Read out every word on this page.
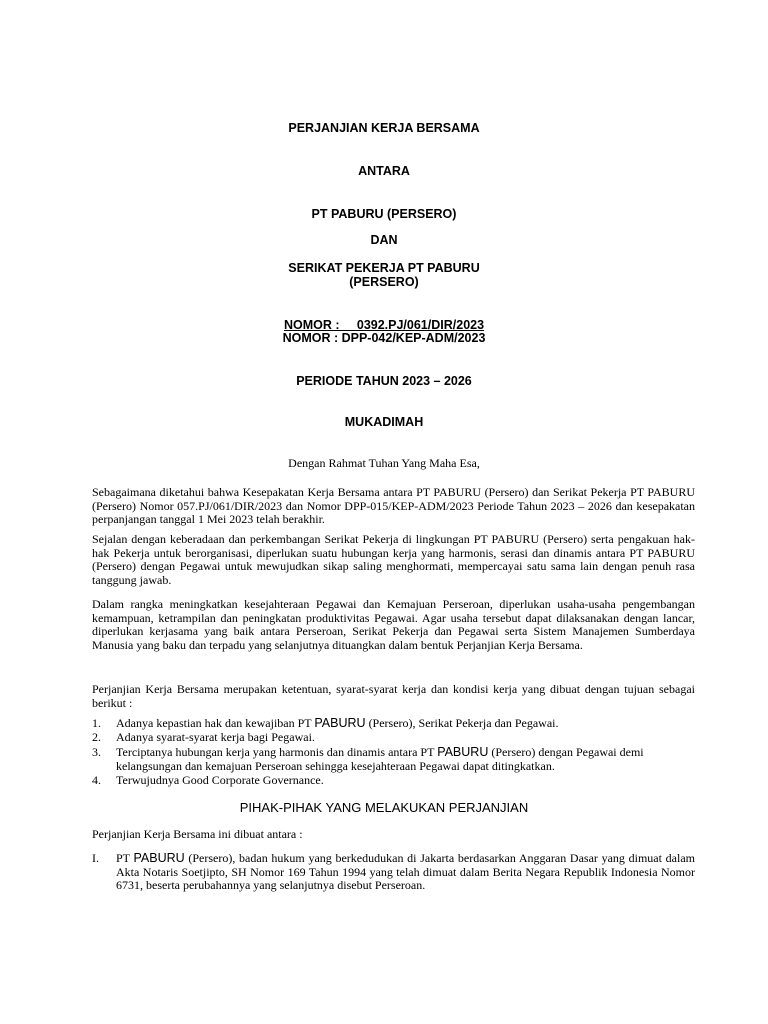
PERJANJIAN KERJA BERSAMA

ANTARA

PT PABURU (PERSERO)

DAN

SERIKAT PEKERJA PT PABURU

(PERSERO)

NOMOR :     0392.PJ/061/DIR/2023

NOMOR : DPP-042/KEP-ADM/2023

PERIODE TAHUN 2023 – 2026

MUKADIMAH

Dengan Rahmat Tuhan Yang Maha Esa,

Sebagaimana diketahui bahwa Kesepakatan Kerja Bersama antara PT PABURU (Persero) dan Serikat Pekerja PT PABURU (Persero) Nomor 057.PJ/061/DIR/2023 dan Nomor DPP-015/KEP-ADM/2023 Periode Tahun 2023 – 2026 dan kesepakatan perpanjangan tanggal 1 Mei 2023 telah berakhir.

Sejalan dengan keberadaan dan perkembangan Serikat Pekerja di lingkungan PT PABURU (Persero) serta pengakuan hak-hak Pekerja untuk berorganisasi, diperlukan suatu hubungan kerja yang harmonis, serasi dan dinamis antara PT PABURU (Persero) dengan Pegawai untuk mewujudkan sikap saling menghormati, mempercayai satu sama lain dengan penuh rasa tanggung jawab.

Dalam rangka meningkatkan kesejahteraan Pegawai dan Kemajuan Perseroan, diperlukan usaha-usaha pengembangan kemampuan, ketrampilan dan peningkatan produktivitas Pegawai. Agar usaha tersebut dapat dilaksanakan dengan lancar, diperlukan kerjasama yang baik antara Perseroan, Serikat Pekerja dan Pegawai serta Sistem Manajemen Sumberdaya Manusia yang baku dan terpadu yang selanjutnya dituangkan dalam bentuk Perjanjian Kerja Bersama.

Perjanjian Kerja Bersama merupakan ketentuan, syarat-syarat kerja dan kondisi kerja yang dibuat dengan tujuan sebagai berikut :

1. Adanya kepastian hak dan kewajiban PT PABURU (Persero), Serikat Pekerja dan Pegawai.
2. Adanya syarat-syarat kerja bagi Pegawai.
3. Terciptanya hubungan kerja yang harmonis dan dinamis antara PT PABURU (Persero) dengan Pegawai demi kelangsungan dan kemajuan Perseroan sehingga kesejahteraan Pegawai dapat ditingkatkan.
4. Terwujudnya Good Corporate Governance.

PIHAK-PIHAK YANG MELAKUKAN PERJANJIAN

Perjanjian Kerja Bersama ini dibuat antara :

I. PT PABURU (Persero), badan hukum yang berkedudukan di Jakarta berdasarkan Anggaran Dasar yang dimuat dalam Akta Notaris Soetjipto, SH Nomor 169 Tahun 1994 yang telah dimuat dalam Berita Negara Republik Indonesia Nomor 6731, beserta perubahannya yang selanjutnya disebut Perseroan.
